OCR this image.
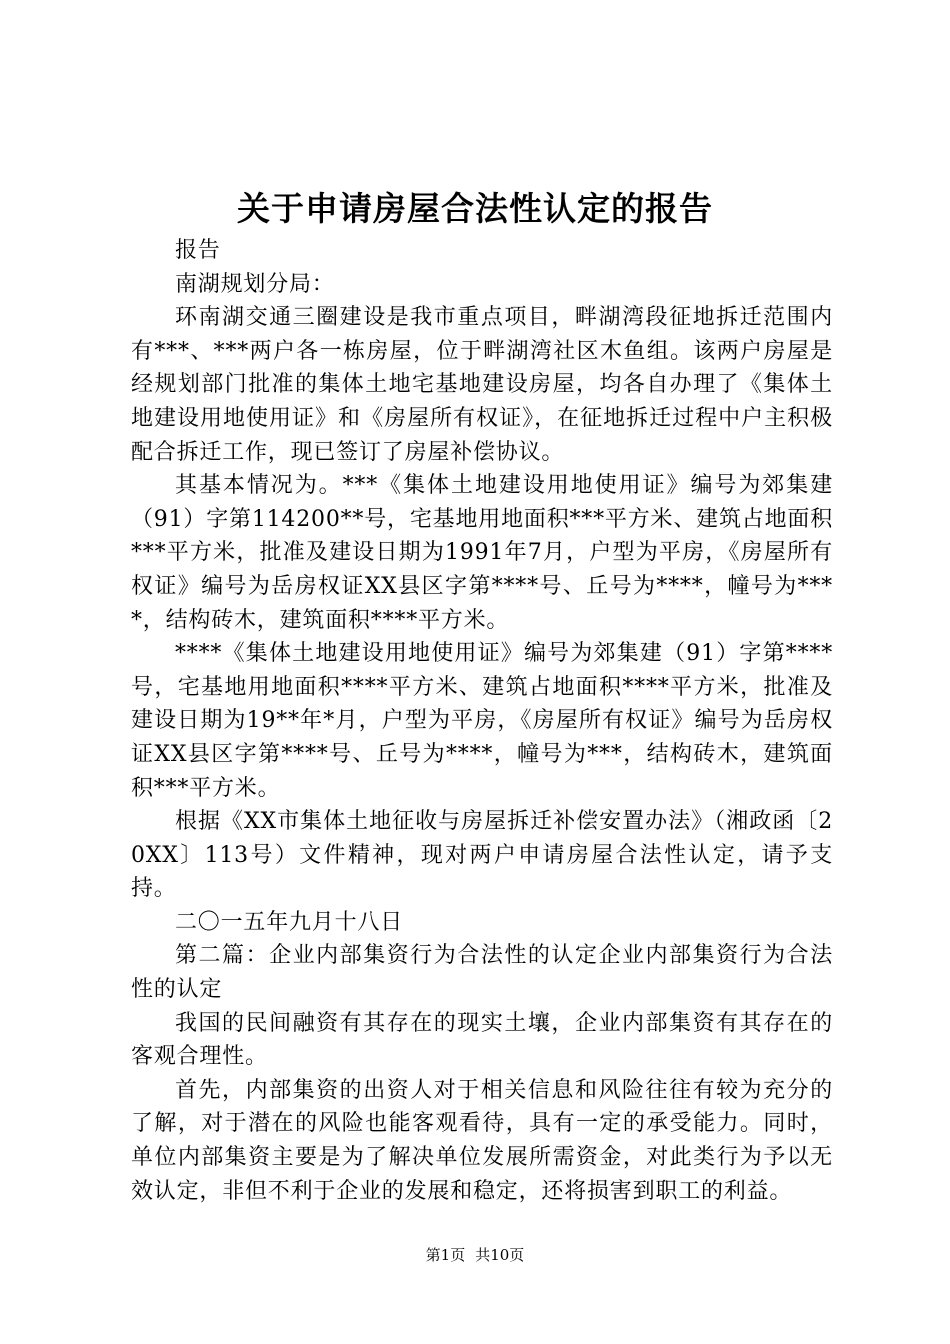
关于申请房屋合法性认定的报告

报告

南湖规划分局：

环南湖交通三圈建设是我市重点项目，畔湖湾段征地拆迁范围内有***、***两户各一栋房屋，位于畔湖湾社区木鱼组。该两户房屋是经规划部门批准的集体土地宅基地建设房屋，均各自办理了《集体土地建设用地使用证》和《房屋所有权证》，在征地拆迁过程中户主积极配合拆迁工作，现已签订了房屋补偿协议。

其基本情况为。***《集体土地建设用地使用证》编号为郊集建（91）字第114200**号，宅基地用地面积***平方米、建筑占地面积***平方米，批准及建设日期为1991年7月，户型为平房，《房屋所有权证》编号为岳房权证XX县区字第****号、丘号为****，幢号为****，结构砖木，建筑面积****平方米。

****《集体土地建设用地使用证》编号为郊集建（91）字第****号，宅基地用地面积****平方米、建筑占地面积****平方米，批准及建设日期为19**年*月，户型为平房，《房屋所有权证》编号为岳房权证XX县区字第****号、丘号为****，幢号为***，结构砖木，建筑面积***平方米。

根据《XX市集体土地征收与房屋拆迁补偿安置办法》（湘政函〔20XX〕113号）文件精神，现对两户申请房屋合法性认定，请予支持。

二〇一五年九月十八日

第二篇：企业内部集资行为合法性的认定企业内部集资行为合法性的认定

我国的民间融资有其存在的现实土壤，企业内部集资有其存在的客观合理性。

首先，内部集资的出资人对于相关信息和风险往往有较为充分的了解，对于潜在的风险也能客观看待，具有一定的承受能力。同时，单位内部集资主要是为了解决单位发展所需资金，对此类行为予以无效认定，非但不利于企业的发展和稳定，还将损害到职工的利益。

第1页 共10页
